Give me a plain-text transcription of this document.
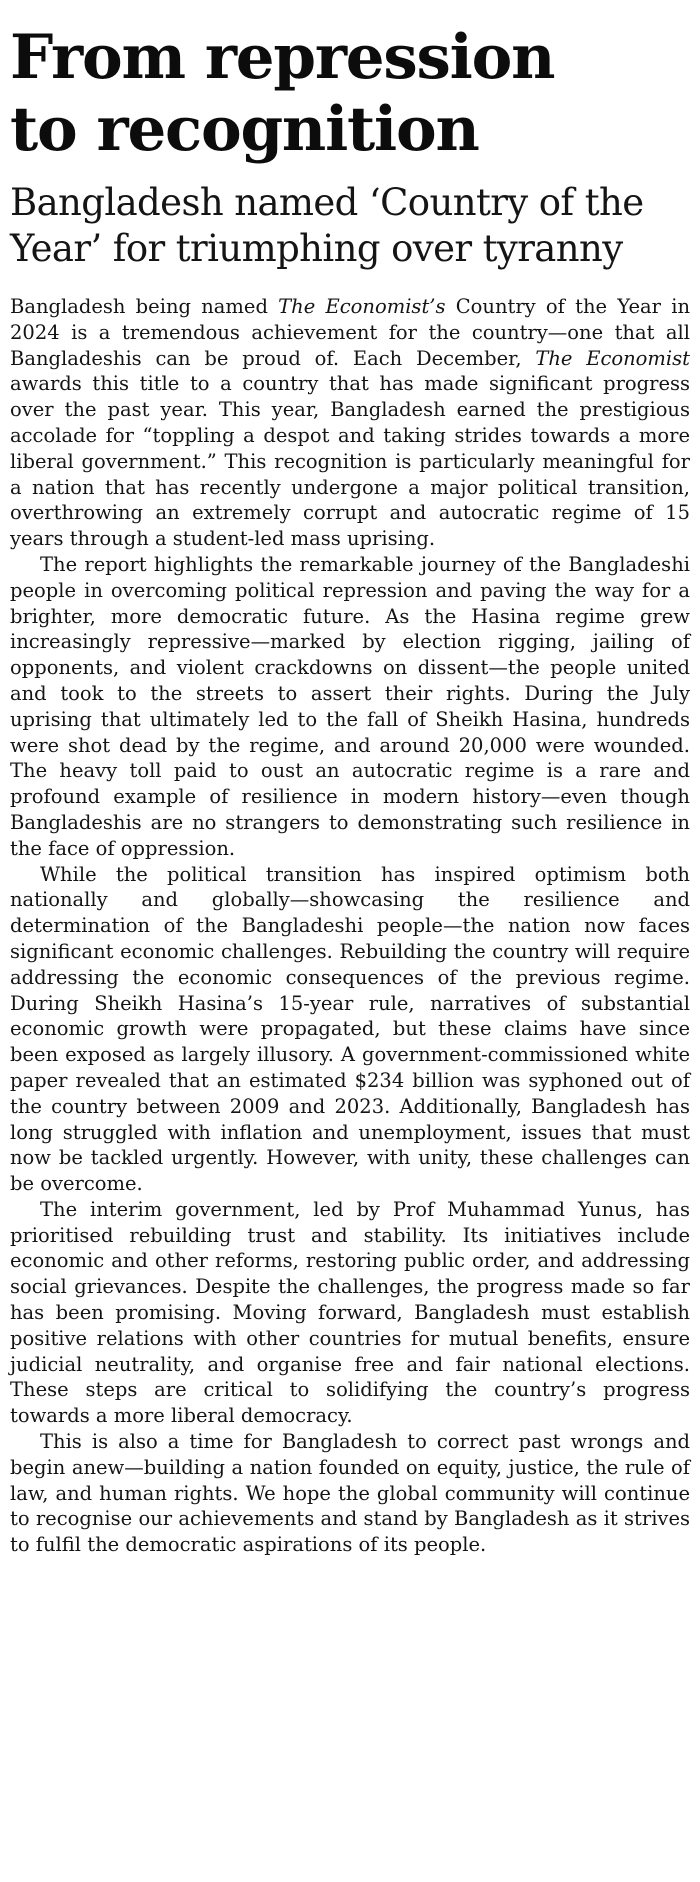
From repression
to recognition
Bangladesh named ‘Country of the Year’ for triumphing over tyranny

Bangladesh being named The Economist’s Country of the Year in 2024 is a tremendous achievement for the country—one that all Bangladeshis can be proud of. Each December, The Economist awards this title to a country that has made significant progress over the past year. This year, Bangladesh earned the prestigious accolade for “toppling a despot and taking strides towards a more liberal government.” This recognition is particularly meaningful for a nation that has recently undergone a major political transition, overthrowing an extremely corrupt and autocratic regime of 15 years through a student-led mass uprising.

The report highlights the remarkable journey of the Bangladeshi people in overcoming political repression and paving the way for a brighter, more democratic future. As the Hasina regime grew increasingly repressive—marked by election rigging, jailing of opponents, and violent crackdowns on dissent—the people united and took to the streets to assert their rights. During the July uprising that ultimately led to the fall of Sheikh Hasina, hundreds were shot dead by the regime, and around 20,000 were wounded. The heavy toll paid to oust an autocratic regime is a rare and profound example of resilience in modern history—even though Bangladeshis are no strangers to demonstrating such resilience in the face of oppression.

While the political transition has inspired optimism both nationally and globally—showcasing the resilience and determination of the Bangladeshi people—the nation now faces significant economic challenges. Rebuilding the country will require addressing the economic consequences of the previous regime. During Sheikh Hasina’s 15-year rule, narratives of substantial economic growth were propagated, but these claims have since been exposed as largely illusory. A government-commissioned white paper revealed that an estimated $234 billion was syphoned out of the country between 2009 and 2023. Additionally, Bangladesh has long struggled with inflation and unemployment, issues that must now be tackled urgently. However, with unity, these challenges can be overcome.

The interim government, led by Prof Muhammad Yunus, has prioritised rebuilding trust and stability. Its initiatives include economic and other reforms, restoring public order, and addressing social grievances. Despite the challenges, the progress made so far has been promising. Moving forward, Bangladesh must establish positive relations with other countries for mutual benefits, ensure judicial neutrality, and organise free and fair national elections. These steps are critical to solidifying the country’s progress towards a more liberal democracy.

This is also a time for Bangladesh to correct past wrongs and begin anew—building a nation founded on equity, justice, the rule of law, and human rights. We hope the global community will continue to recognise our achievements and stand by Bangladesh as it strives to fulfil the democratic aspirations of its people.
